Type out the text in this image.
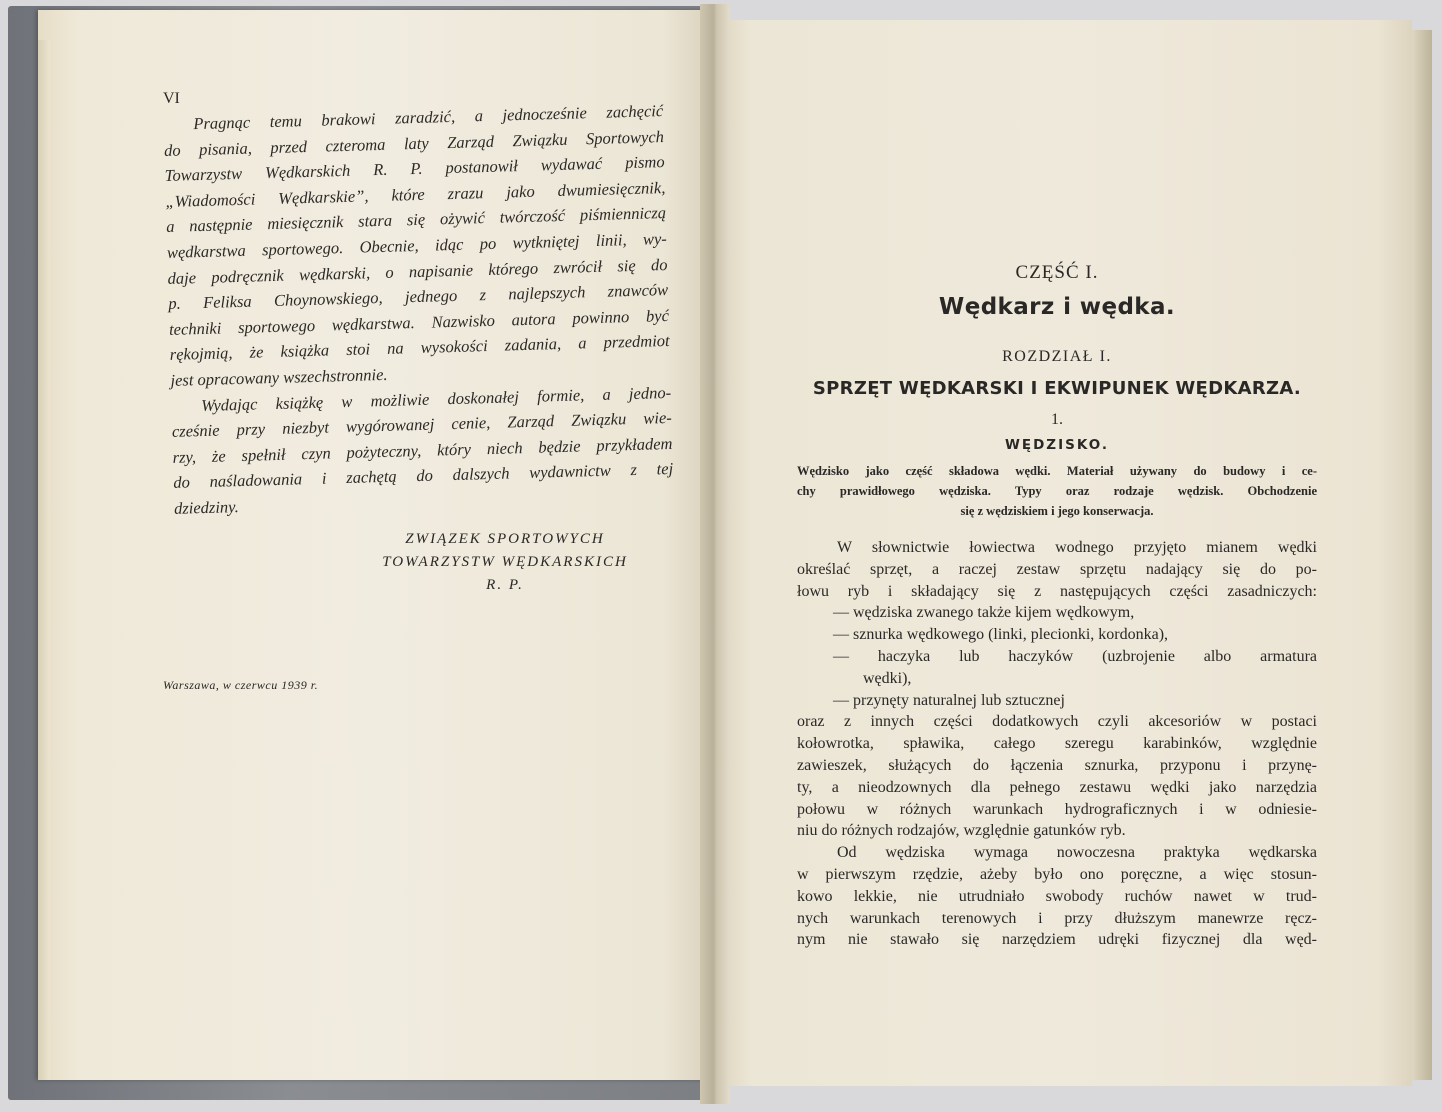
VI
Pragnąc temu brakowi zaradzić, a jednocześnie zachęcić
do pisania, przed czteroma laty Zarząd Związku Sportowych
Towarzystw Wędkarskich R. P. postanowił wydawać pismo
„Wiadomości Wędkarskie”, które zrazu jako dwumiesięcznik,
a następnie miesięcznik stara się ożywić twórczość piśmienniczą
wędkarstwa sportowego. Obecnie, idąc po wytkniętej linii, wy-
daje podręcznik wędkarski, o napisanie którego zwrócił się do
p. Feliksa Choynowskiego, jednego z najlepszych znawców
techniki sportowego wędkarstwa. Nazwisko autora powinno być
rękojmią, że książka stoi na wysokości zadania, a przedmiot
jest opracowany wszechstronnie.
Wydając książkę w możliwie doskonałej formie, a jedno-
cześnie przy niezbyt wygórowanej cenie, Zarząd Związku wie-
rzy, że spełnił czyn pożyteczny, który niech będzie przykładem
do naśladowania i zachętą do dalszych wydawnictw z tej
dziedziny.
ZWIĄZEK SPORTOWYCH
TOWARZYSTW WĘDKARSKICH
R. P.
Warszawa, w czerwcu 1939 r.
CZĘŚĆ I.
Wędkarz i wędka.
ROZDZIAŁ I.
SPRZĘT WĘDKARSKI I EKWIPUNEK WĘDKARZA.
1.
WĘDZISKO.
Wędzisko jako część składowa wędki. Materiał używany do budowy i ce-
chy prawidłowego wędziska. Typy oraz rodzaje wędzisk. Obchodzenie
się z wędziskiem i jego konserwacja.
W słownictwie łowiectwa wodnego przyjęto mianem wędki
określać sprzęt, a raczej zestaw sprzętu nadający się do po-
łowu ryb i składający się z następujących części zasadniczych:
— wędziska zwanego także kijem wędkowym,
— sznurka wędkowego (linki, plecionki, kordonka),
— haczyka lub haczyków (uzbrojenie albo armatura
wędki),
— przynęty naturalnej lub sztucznej
oraz z innych części dodatkowych czyli akcesoriów w postaci
kołowrotka, spławika, całego szeregu karabinków, względnie
zawieszek, służących do łączenia sznurka, przyponu i przynę-
ty, a nieodzownych dla pełnego zestawu wędki jako narzędzia
połowu w różnych warunkach hydrograficznych i w odniesie-
niu do różnych rodzajów, względnie gatunków ryb.
Od wędziska wymaga nowoczesna praktyka wędkarska
w pierwszym rzędzie, ażeby było ono poręczne, a więc stosun-
kowo lekkie, nie utrudniało swobody ruchów nawet w trud-
nych warunkach terenowych i przy dłuższym manewrze ręcz-
nym nie stawało się narzędziem udręki fizycznej dla węd-
